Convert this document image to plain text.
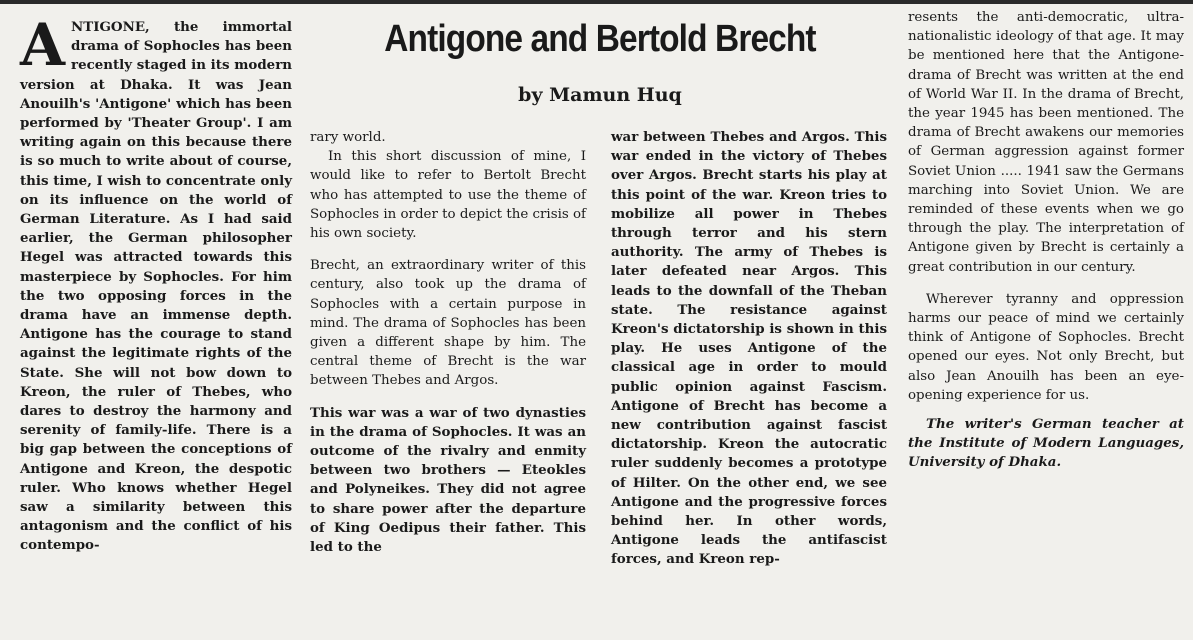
A NTIGONE, the immortal drama of Sophocles has been recently staged in its modern version at Dhaka. It was Jean Anouilh's 'Antigone' which has been performed by 'Theater Group'. I am writing again on this because there is so much to write about of course, this time, I wish to concentrate only on its influence on the world of German Literature. As I had said earlier, the German philosopher Hegel was attracted towards this masterpiece by Sophocles. For him the two opposing forces in the drama have an immense depth. Antigone has the courage to stand against the legitimate rights of the State. She will not bow down to Kreon, the ruler of Thebes, who dares to destroy the harmony and serenity of family-life. There is a big gap between the conceptions of Antigone and Kreon, the despotic ruler. Who knows whether Hegel saw a similarity between this antagonism and the conflict of his contempo-
Antigone and Bertold Brecht
by Mamun Huq

rary world.

In this short discussion of mine, I would like to refer to Bertolt Brecht who has attempted to use the theme of Sophocles in order to depict the crisis of his own society.

Brecht, an extraordinary writer of this century, also took up the drama of Sophocles with a certain purpose in mind. The drama of Sophocles has been given a different shape by him. The central theme of Brecht is the war between Thebes and Argos.

This war was a war of two dynasties in the drama of Sophocles. It was an outcome of the rivalry and enmity between two brothers — Eteokles and Polyneikes. They did not agree to share power after the departure of King Oedipus their father. This led to the

war between Thebes and Argos. This war ended in the victory of Thebes over Argos. Brecht starts his play at this point of the war. Kreon tries to mobilize all power in Thebes through terror and his stern authority. The army of Thebes is later defeated near Argos. This leads to the downfall of the Theban state. The resistance against Kreon's dictatorship is shown in this play. He uses Antigone of the classical age in order to mould public opinion against Fascism. Antigone of Brecht has become a new contribution against fascist dictatorship. Kreon the autocratic ruler suddenly becomes a prototype of Hilter. On the other end, we see Antigone and the progressive forces behind her. In other words, Antigone leads the antifascist forces, and Kreon rep-

resents the anti-democratic, ultra-nationalistic ideology of that age. It may be mentioned here that the Antigone-drama of Brecht was written at the end of World War II. In the drama of Brecht, the year 1945 has been mentioned. The drama of Brecht awakens our memories of German aggression against former Soviet Union ..... 1941 saw the Germans marching into Soviet Union. We are reminded of these events when we go through the play. The interpretation of Antigone given by Brecht is certainly a great contribution in our century.

Wherever tyranny and oppression harms our peace of mind we certainly think of Antigone of Sophocles. Brecht opened our eyes. Not only Brecht, but also Jean Anouilh has been an eye-opening experience for us.

The writer's German teacher at the Institute of Modern Languages, University of Dhaka.
